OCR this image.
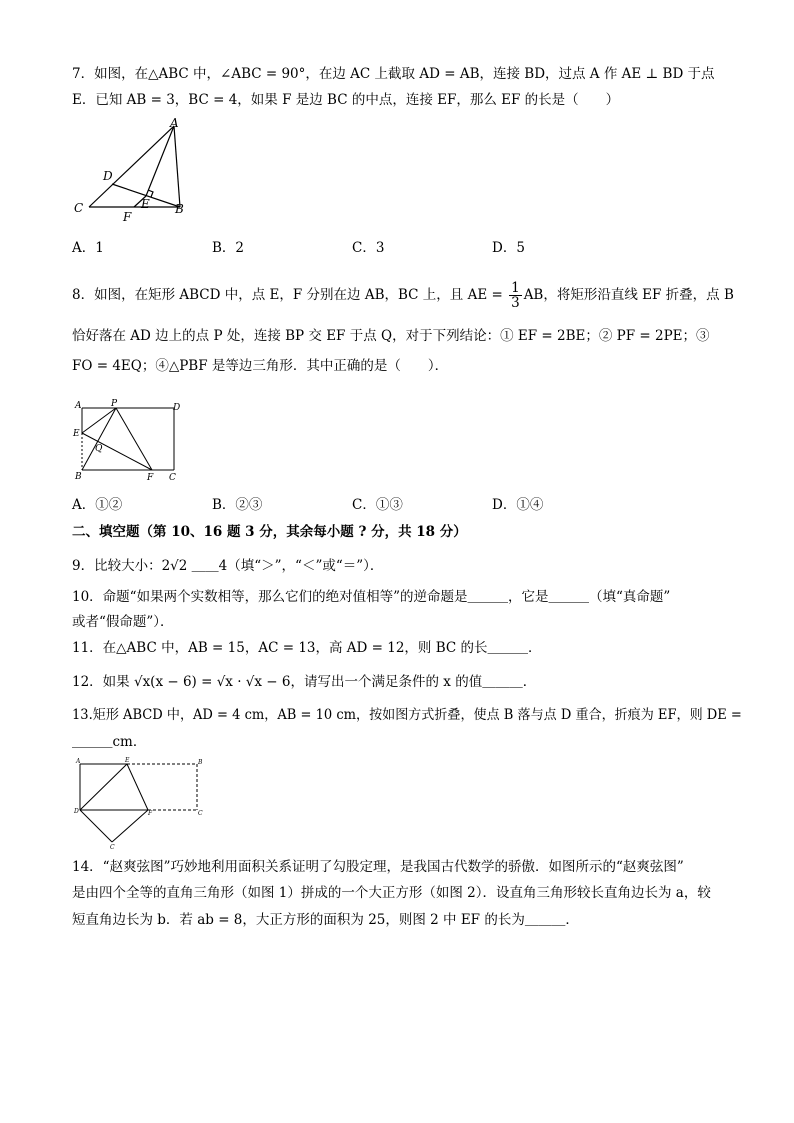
7．如图，在△ABC 中，∠ABC = 90°，在边 AC 上截取 AD = AB，连接 BD，过点 A 作 AE ⊥ BD 于点
E．已知 AB = 3，BC = 4，如果 F 是边 BC 的中点，连接 EF，那么 EF 的长是（　　）
A
D
E
C
F
B
A．1	B．2	C．3	D．5
8．如图，在矩形 ABCD 中，点 E，F 分别在边 AB，BC 上，且 AE = $\frac{1}{3}$ AB，将矩形沿直线 EF 折叠，点 B
恰好落在 AD 边上的点 P 处，连接 BP 交 EF 于点 Q，对于下列结论：① EF = 2BE；② PF = 2PE；③
FO = 4EQ；④△PBF 是等边三角形．其中正确的是（　　）．
A	P	D
E
Q
B	F C
A．①②	B．②③	C．①③	D．①④
二、填空题（第 10、16 题 3 分，其余每小题 ? 分，共 18 分）
9．比较大小：2√2 ＿＿4（填“＞”，“＜”或“＝”）．
10．命题“如果两个实数相等，那么它们的绝对值相等”的逆命题是＿＿＿，它是＿＿＿（填“真命题”
或者“假命题”）．
11．在△ABC 中，AB = 15，AC = 13，高 AD = 12，则 BC 的长＿＿＿．
12．如果 √x(x − 6) = √x · √x − 6，请写出一个满足条件的 x 的值＿＿＿．
13.矩形 ABCD 中，AD = 4 cm，AB = 10 cm，按如图方式折叠，使点 B 落与点 D 重合，折痕为 EF，则 DE =
＿＿＿cm．
A	E	B
D	F	C
C
14．“赵爽弦图”巧妙地利用面积关系证明了勾股定理，是我国古代数学的骄傲．如图所示的“赵爽弦图”
是由四个全等的直角三角形（如图 1）拼成的一个大正方形（如图 2）．设直角三角形较长直角边长为 a，较
短直角边长为 b．若 ab = 8，大正方形的面积为 25，则图 2 中 EF 的长为＿＿＿．
